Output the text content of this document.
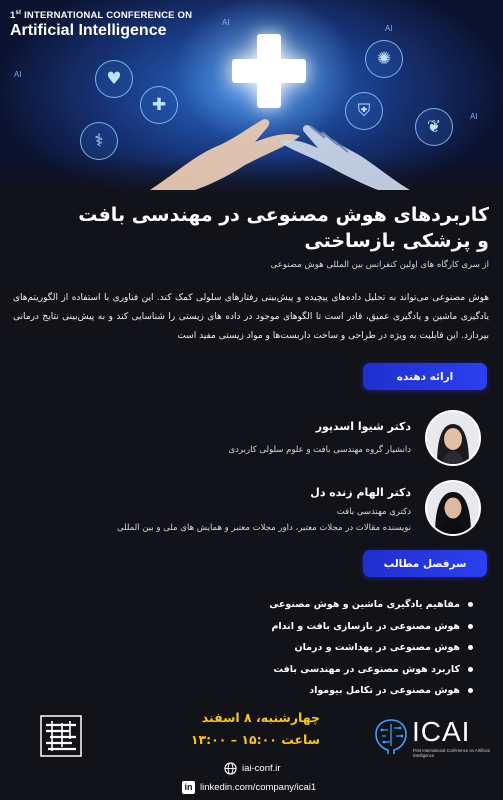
1st INTERNATIONAL CONFERENCE ON
Artificial Intelligence
AI
AI
AI
AI
♥
⚕
✚
✺
❦
⛨
کاربردهای هوش مصنوعی در مهندسی بافت
و پزشکی بازساختی
از سری کارگاه های اولین کنفرانس بین المللی هوش مصنوعی
هوش مصنوعی می‌تواند به تحلیل داده‌های پیچیده و پیش‌بینی رفتارهای سلولی کمک کند. این فناوری با استفاده از الگوریتم‌های یادگیری ماشین و یادگیری عمیق، قادر است تا الگوهای موجود در داده های زیستی را شناسایی کند و به پیش‌بینی نتایج درمانی بپردازد. این قابلیت به ویژه در طراحی و ساخت داربست‌ها و مواد زیستی مفید است
ارائه دهنده
دکتر شیوا اسدپور
دانشیار گروه مهندسی بافت و علوم سلولی کاربردی
دکتر الهام زنده دل
دکتری مهندسی بافت
نویسنده مقالات در مجلات معتبر، داور مجلات معتبر و همایش های ملی و بین المللی
سرفصل مطالب
مفاهیم یادگیری ماشین و هوش مصنوعی
هوش مصنوعی در بازسازی بافت و اندام
هوش مصنوعی در بهداشت و درمان
کاربرد هوش مصنوعی در مهندسی بافت
هوش مصنوعی در تکامل بیومواد
چهارشنبه، ۸ اسفند
ساعت ۱۵:۰۰ – ۱۳:۰۰	ICAI
First International Conference on Artificial Intelligence
iai-conf.ir
in linkedin.com/company/icai1
